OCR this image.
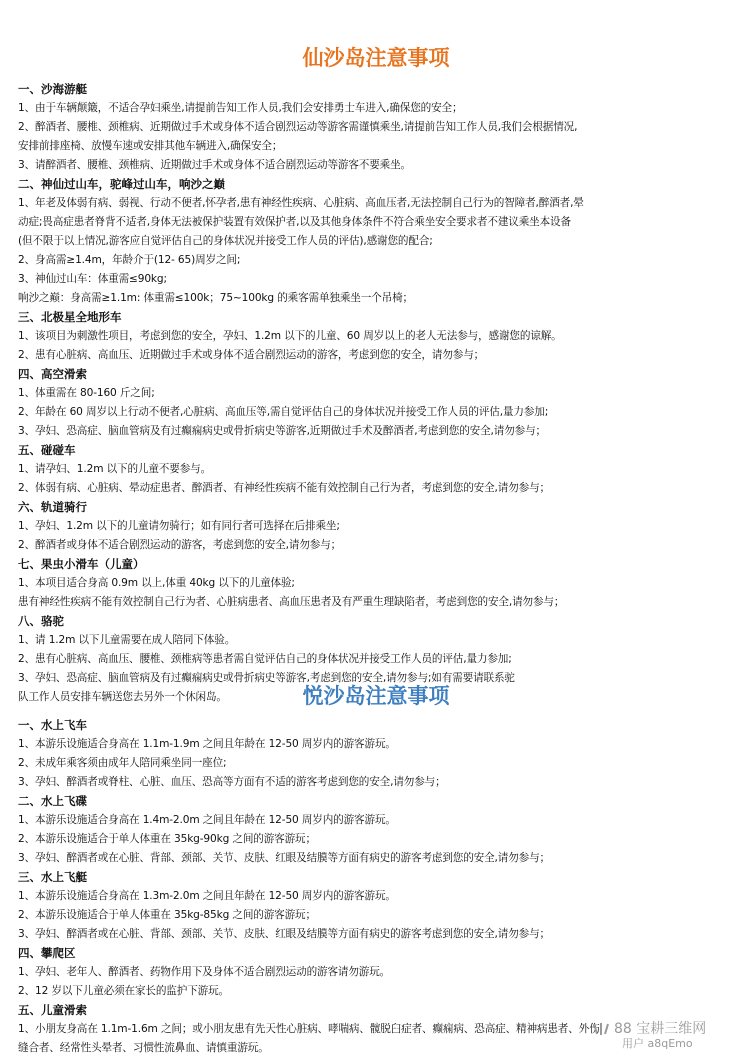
仙沙岛注意事项

一、沙海游艇

1、由于车辆颠簸，不适合孕妇乘坐,请提前告知工作人员,我们会安排勇士车进入,确保您的安全；

2、醉酒者、腰椎、颈椎病、近期做过手术或身体不适合剧烈运动等游客需谨慎乘坐,请提前告知工作人员,我们会根据情况,

安排前排座椅、放慢车速或安排其他车辆进入,确保安全；

3、请醉酒者、腰椎、颈椎病、近期做过手术或身体不适合剧烈运动等游客不要乘坐。

二、神仙过山车，驼峰过山车，响沙之巅

1、年老及体弱有病、弱视、行动不便者,怀孕者,患有神经性疾病、心脏病、高血压者,无法控制自己行为的智障者,醉酒者,晕

动症;畏高症患者脊背不适者,身体无法被保护装置有效保护者,以及其他身体条件不符合乘坐安全要求者不建议乘坐本设备

(但不限于以上情况,游客应自觉评估自己的身体状况并接受工作人员的评估),感谢您的配合;

2、身高需≥1.4m，年龄介于(12- 65)周岁之间;

3、神仙过山车：体重需≤90kg;

响沙之巅：身高需≥1.1m: 体重需≤100k；75~100kg 的乘客需单独乘坐一个吊椅；

三、北极星全地形车

1、该项目为刺激性项目，考虑到您的安全，孕妇、1.2m 以下的儿童、60 周岁以上的老人无法参与，感谢您的谅解。

2、患有心脏病、高血压、近期做过手术或身体不适合剧烈运动的游客，考虑到您的安全，请勿参与；

四、高空滑索

1、体重需在 80-160 斤之间;

2、年龄在 60 周岁以上行动不便者,心脏病、高血压等,需自觉评估自己的身体状况并接受工作人员的评估,量力参加;

3、孕妇、恐高症、脑血管病及有过癫痫病史或骨折病史等游客,近期做过手术及醉酒者,考虑到您的安全,请勿参与；

五、碰碰车

1、请孕妇、1.2m 以下的儿童不要参与。

2、体弱有病、心脏病、晕动症患者、醉酒者、有神经性疾病不能有效控制自己行为者，考虑到您的安全,请勿参与；

六、轨道骑行

1、孕妇、1.2m 以下的儿童请勿骑行；如有同行者可选择在后排乘坐;

2、醉酒者或身体不适合剧烈运动的游客，考虑到您的安全,请勿参与；

七、果虫小滑车（儿童）

1、本项目适合身高 0.9m 以上,体重 40kg 以下的儿童体验;

患有神经性疾病不能有效控制自己行为者、心脏病患者、高血压患者及有严重生理缺陷者，考虑到您的安全,请勿参与；

八、骆驼

1、请 1.2m 以下儿童需要在成人陪同下体验。

2、患有心脏病、高血压、腰椎、颈椎病等患者需自觉评估自己的身体状况并接受工作人员的评估,量力参加;

3、孕妇、恐高症、脑血管病及有过癫痫病史或骨折病史等游客,考虑到您的安全,请勿参与;如有需要请联系驼

队工作人员安排车辆送您去另外一个休闲岛。	悦沙岛注意事项

一、水上飞车

1、本游乐设施适合身高在 1.1m-1.9m 之间且年龄在 12-50 周岁内的游客游玩。

2、未成年乘客须由成年人陪同乘坐同一座位;

3、孕妇、醉酒者或脊柱、心脏、血压、恐高等方面有不适的游客考虑到您的安全,请勿参与；

二、水上飞碟

1、本游乐设施适合身高在 1.4m-2.0m 之间且年龄在 12-50 周岁内的游客游玩。

2、本游乐设施适合于单人体重在 35kg-90kg 之间的游客游玩；

3、孕妇、醉酒者或在心脏、背部、颈部、关节、皮肤、红眼及结膜等方面有病史的游客考虑到您的安全,请勿参与；

三、水上飞艇

1、本游乐设施适合身高在 1.3m-2.0m 之间且年龄在 12-50 周岁内的游客游玩。

2、本游乐设施适合于单人体重在 35kg-85kg 之间的游客游玩；

3、孕妇、醉酒者或在心脏、背部、颈部、关节、皮肤、红眼及结膜等方面有病史的游客考虑到您的安全,请勿参与；

四、攀爬区

1、孕妇、老年人、醉酒者、药物作用下及身体不适合剧烈运动的游客请勿游玩。

2、12 岁以下儿童必须在家长的监护下游玩。

五、儿童滑索

1、小朋友身高在 1.1m-1.6m 之间；或小朋友患有先天性心脏病、哮喘病、髋脱臼症者、癫痫病、恐高症、精神病患者、外伤

缝合者、经常性头晕者、习惯性流鼻血、请慎重游玩。

88 宝耕三维网
用户 a8qEmo
